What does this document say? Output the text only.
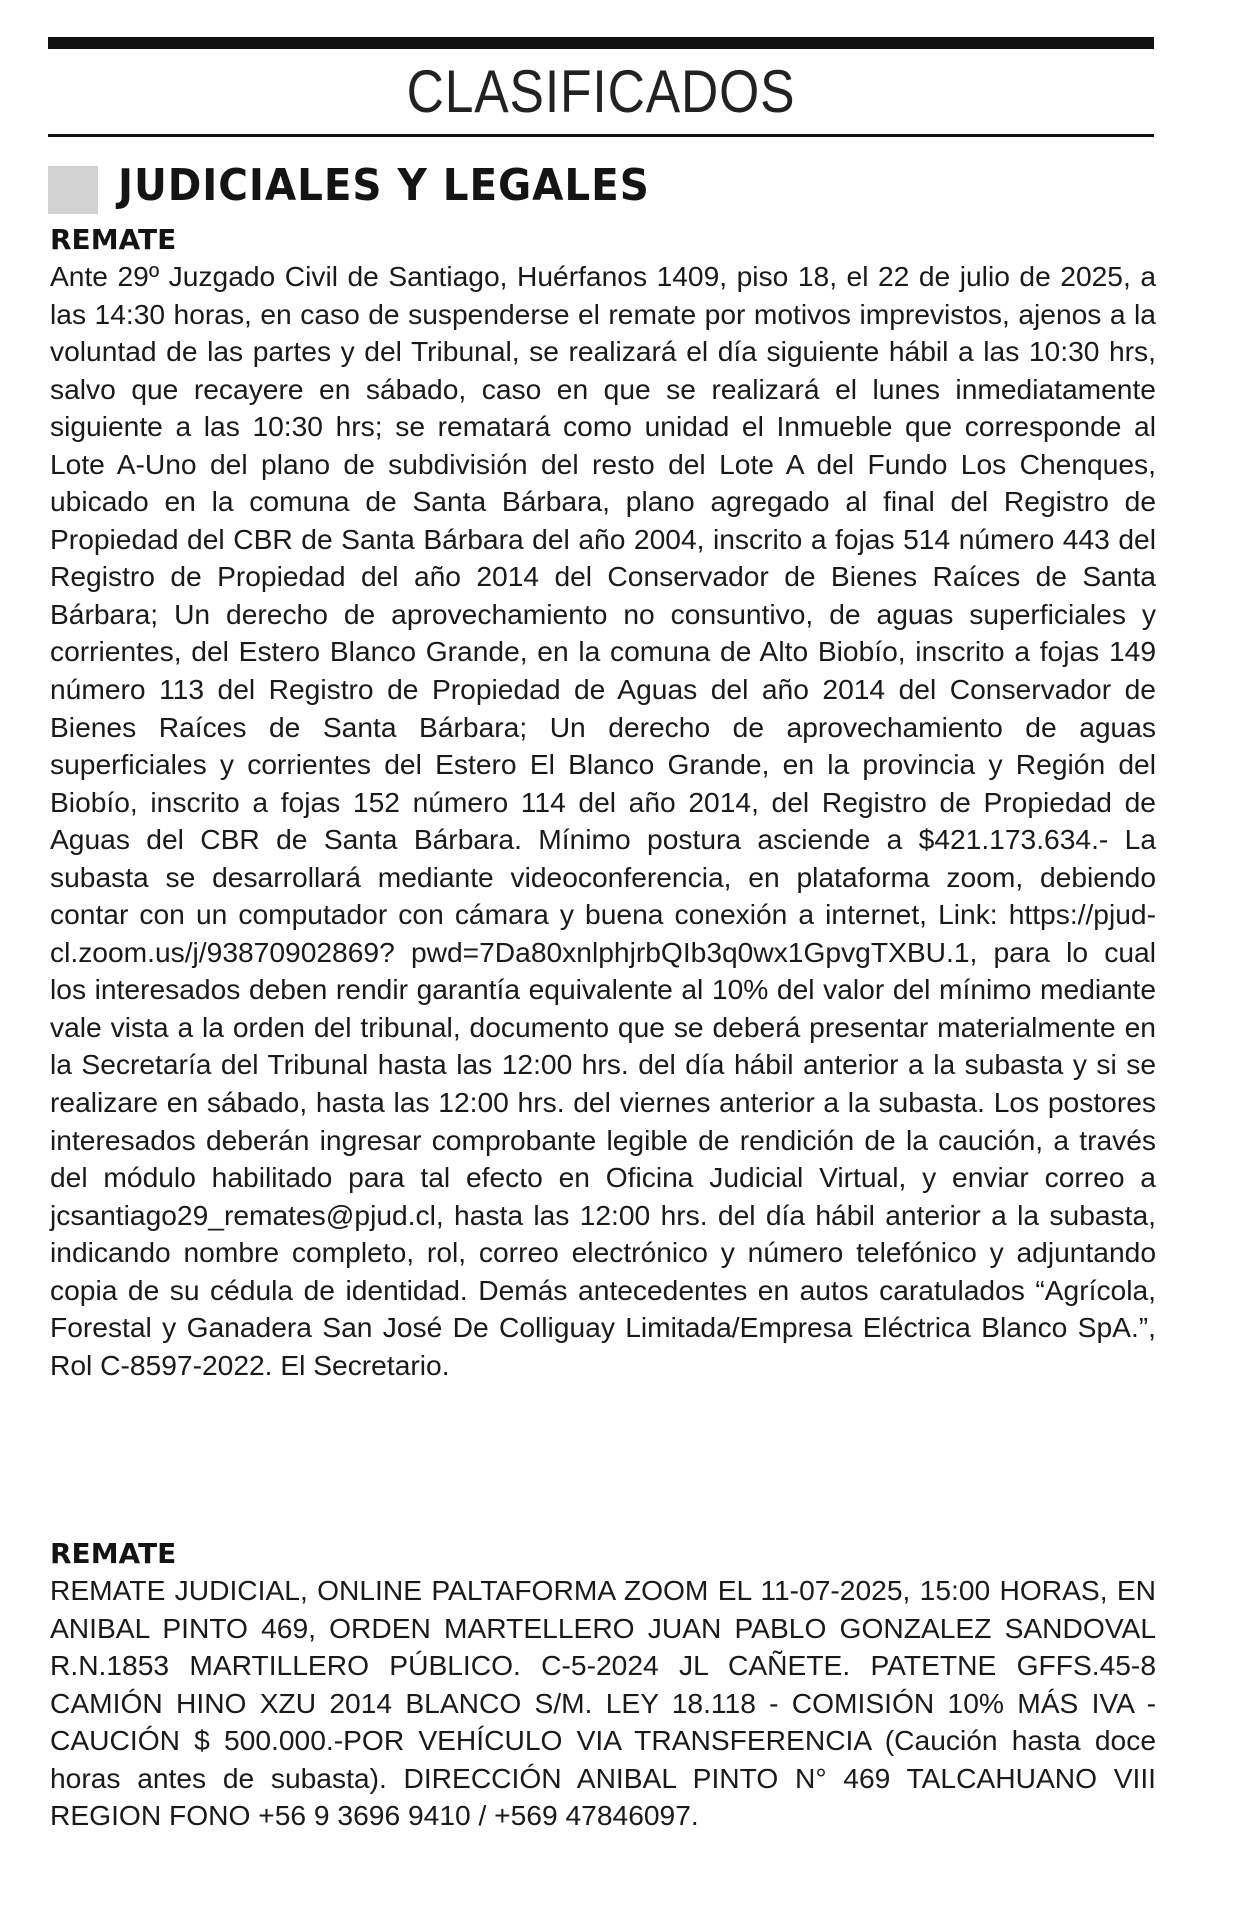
CLASIFICADOS
JUDICIALES Y LEGALES
REMATE

Ante 29º Juzgado Civil de Santiago, Huérfanos 1409, piso 18, el 22 de julio de 2025, a las 14:30 horas, en caso de suspenderse el remate por motivos imprevistos, ajenos a la voluntad de las partes y del Tribunal, se realizará el día siguiente hábil a las 10:30 hrs, salvo que recayere en sábado, caso en que se realizará el lunes inmediatamente siguiente a las 10:30 hrs; se rematará como unidad el Inmueble que corresponde al Lote A-Uno del plano de subdivisión del resto del Lote A del Fundo Los Chenques, ubicado en la comuna de Santa Bárbara, plano agregado al final del Registro de Propiedad del CBR de Santa Bárbara del año 2004, inscrito a fojas 514 número 443 del Registro de Propiedad del año 2014 del Conservador de Bienes Raíces de Santa Bárbara; Un derecho de aprovechamiento no consuntivo, de aguas superficiales y corrientes, del Estero Blanco Grande, en la comuna de Alto Biobío, inscrito a fojas 149 número 113 del Registro de Propiedad de Aguas del año 2014 del Conservador de Bienes Raíces de Santa Bárbara; Un derecho de aprovechamiento de aguas superficiales y corrientes del Estero El Blanco Grande, en la provincia y Región del Biobío, inscrito a fojas 152 número 114 del año 2014, del Registro de Propiedad de Aguas del CBR de Santa Bárbara. Mínimo postura asciende a $421.173.634.- La subasta se desarrollará mediante videoconferencia, en plataforma zoom, debiendo contar con un computador con cámara y buena conexión a internet, Link: https://pjud-cl.zoom.us/j/93870902869? pwd=7Da80xnlphjrbQIb3q0wx1GpvgTXBU.1, para lo cual los interesados deben rendir garantía equivalente al 10% del valor del mínimo mediante vale vista a la orden del tribunal, documento que se deberá presentar materialmente en la Secretaría del Tribunal hasta las 12:00 hrs. del día hábil anterior a la subasta y si se realizare en sábado, hasta las 12:00 hrs. del viernes anterior a la subasta. Los postores interesados deberán ingresar comprobante legible de rendición de la caución, a través del módulo habilitado para tal efecto en Oficina Judicial Virtual, y enviar correo a jcsantiago29_remates@pjud.cl, hasta las 12:00 hrs. del día hábil anterior a la subasta, indicando nombre completo, rol, correo electrónico y número telefónico y adjuntando copia de su cédula de identidad. Demás antecedentes en autos caratulados “Agrícola, Forestal y Ganadera San José De Colliguay Limitada/Empresa Eléctrica Blanco SpA.”, Rol C-8597-2022. El Secretario.

REMATE

REMATE JUDICIAL, ONLINE PALTAFORMA ZOOM EL 11-07-2025, 15:00 HORAS, EN ANIBAL PINTO 469, ORDEN MARTELLERO JUAN PABLO GONZALEZ SANDOVAL R.N.1853 MARTILLERO PÚBLICO. C-5-2024 JL CAÑETE. PATETNE GFFS.45-8 CAMIÓN HINO XZU 2014 BLANCO S/M. LEY 18.118 - COMISIÓN 10% MÁS IVA - CAUCIÓN $ 500.000.-POR VEHÍCULO VIA TRANSFERENCIA (Caución hasta doce horas antes de subasta). DIRECCIÓN ANIBAL PINTO N° 469 TALCAHUANO VIII REGION FONO +56 9 3696 9410 / +569 47846097.
